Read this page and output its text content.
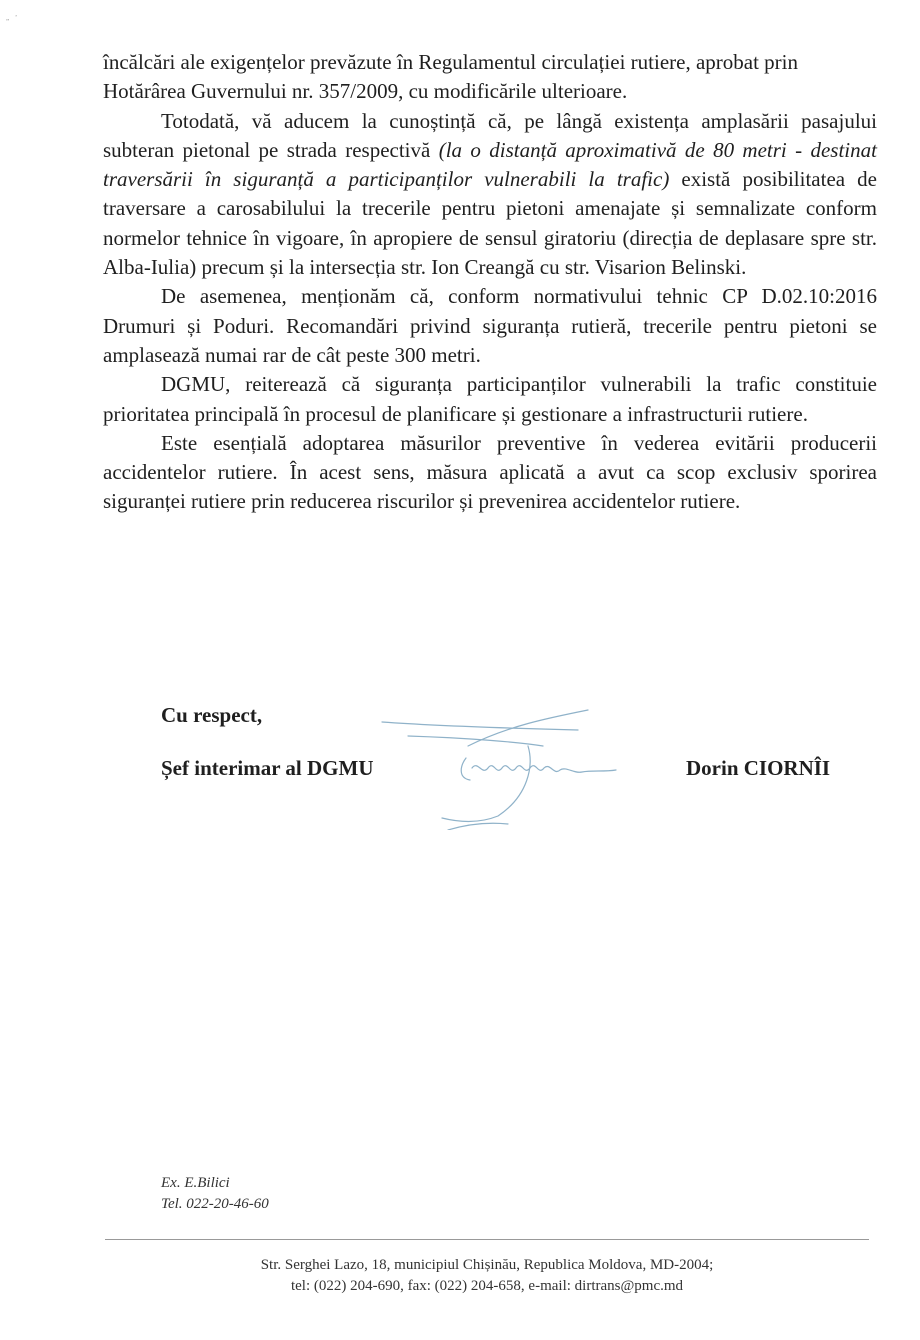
„ ’

încălcări ale exigențelor prevăzute în Regulamentul circulației rutiere, aprobat prin Hotărârea Guvernului nr. 357/2009, cu modificările ulterioare.

Totodată, vă aducem la cunoștință că, pe lângă existența amplasării pasajului subteran pietonal pe strada respectivă (la o distanță aproximativă de 80 metri - destinat traversării în siguranță a participanților vulnerabili la trafic) există posibilitatea de traversare a carosabilului la trecerile pentru pietoni amenajate și semnalizate conform normelor tehnice în vigoare, în apropiere de sensul giratoriu (direcția de deplasare spre str. Alba-Iulia) precum și la intersecția str. Ion Creangă cu str. Visarion Belinski.

De asemenea, menționăm că, conform normativului tehnic CP D.02.10:2016 Drumuri și Poduri. Recomandări privind siguranța rutieră, trecerile pentru pietoni se amplasează numai rar de cât peste 300 metri.

DGMU, reiterează că siguranța participanților vulnerabili la trafic constituie prioritatea principală în procesul de planificare și gestionare a infrastructurii rutiere.

Este esențială adoptarea măsurilor preventive în vederea evitării producerii accidentelor rutiere. În acest sens, măsura aplicată a avut ca scop exclusiv sporirea siguranței rutiere prin reducerea riscurilor și prevenirea accidentelor rutiere.

Cu respect,
Șef interimar al DGMU	Dorin CIORNÎI
Ex. E.Bilici
Tel. 022-20-46-60
Str. Serghei Lazo, 18, municipiul Chișinău, Republica Moldova, MD-2004;
tel: (022) 204-690, fax: (022) 204-658, e-mail: dirtrans@pmc.md
